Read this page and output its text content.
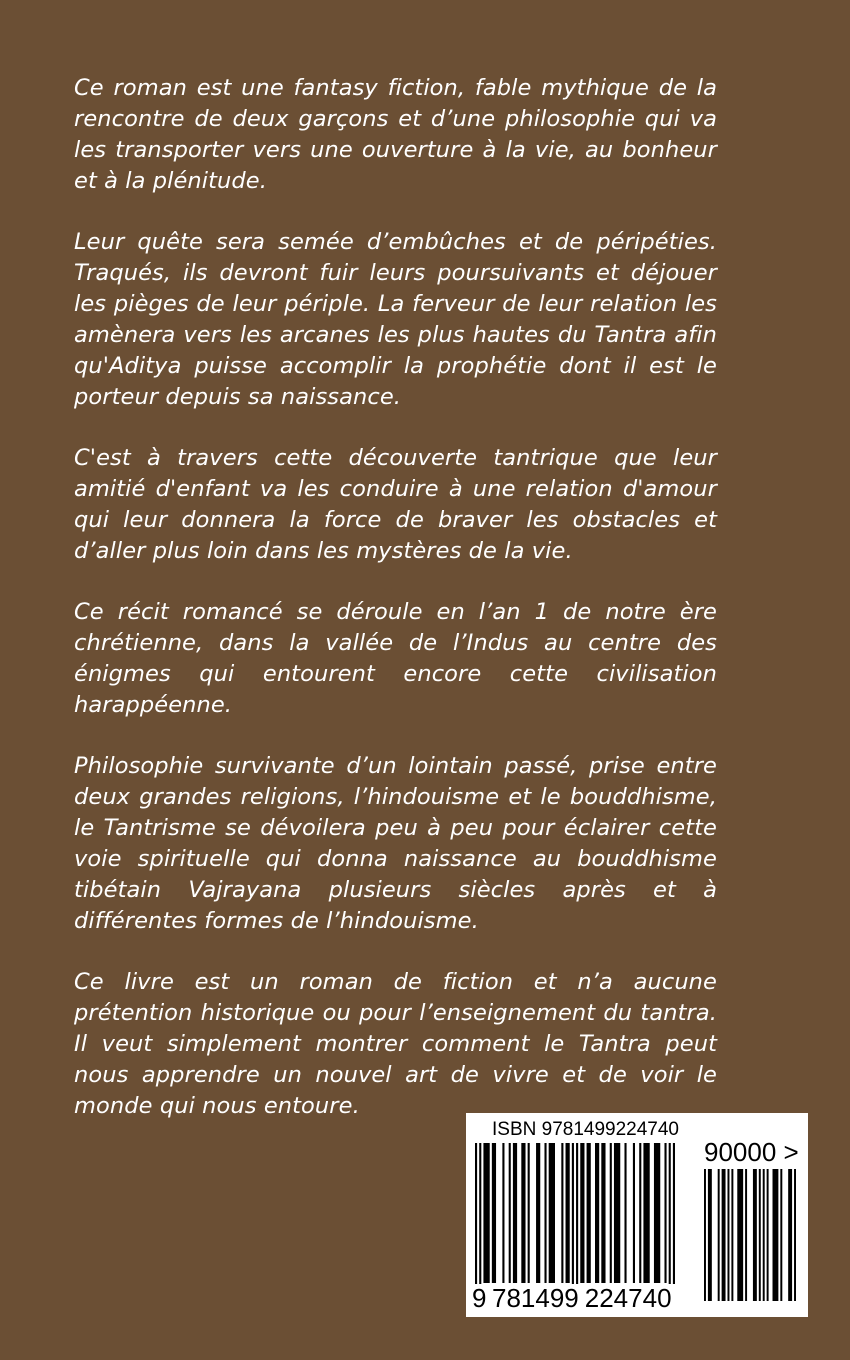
Ce roman est une fantasy fiction, fable mythique de la rencontre de deux garçons et d’une philosophie qui va les transporter vers une ouverture à la vie, au bonheur et à la plénitude.

Leur quête sera semée d’embûches et de péripéties. Traqués, ils devront fuir leurs poursuivants et déjouer les pièges de leur périple. La ferveur de leur relation les amènera vers les arcanes les plus hautes du Tantra afin qu'Aditya puisse accomplir la prophétie dont il est le porteur depuis sa naissance.

C'est à travers cette découverte tantrique que leur amitié d'enfant va les conduire à une relation d'amour qui leur donnera la force de braver les obstacles et d’aller plus loin dans les mystères de la vie.

Ce récit romancé se déroule en l’an 1 de notre ère chrétienne, dans la vallée de l’Indus au centre des énigmes qui entourent encore cette civilisation harappéenne.

Philosophie survivante d’un lointain passé, prise entre deux grandes religions, l’hindouisme et le bouddhisme, le Tantrisme se dévoilera peu à peu pour éclairer cette voie spirituelle qui donna naissance au bouddhisme tibétain Vajrayana plusieurs siècles après et à différentes formes de l’hindouisme.

Ce livre est un roman de fiction et n’a aucune prétention historique ou pour l’enseignement du tantra. Il veut simplement montrer comment le Tantra peut nous apprendre un nouvel art de vivre et de voir le monde qui nous entoure.

ISBN 9781499224740
90000 >
9 781499 224740
